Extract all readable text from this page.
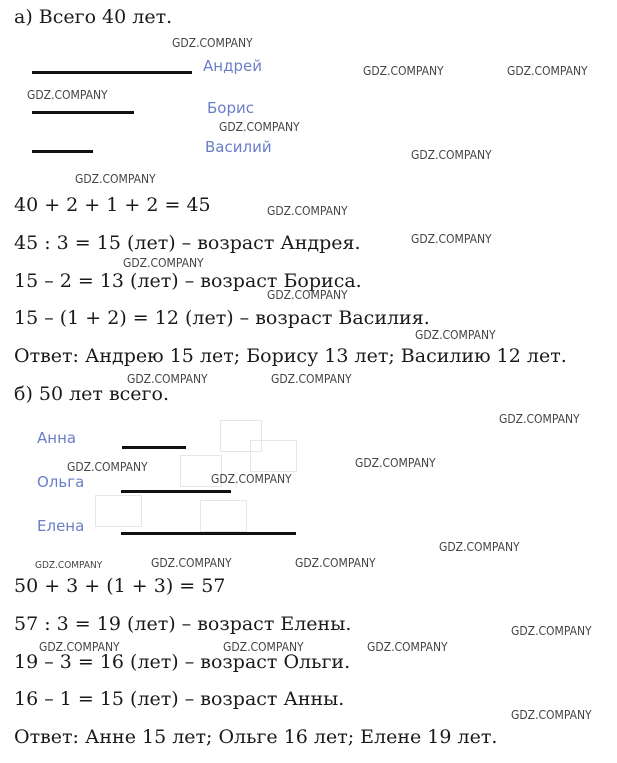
а) Всего 40 лет.
Андрей
Борис
Василий
40 + 2 + 1 + 2 = 45
45 : 3 = 15 (лет) – возраст Андрея.
15 – 2 = 13 (лет) – возраст Бориса.
15 – (1 + 2) = 12 (лет) – возраст Василия.
Ответ: Андрею 15 лет; Борису 13 лет; Василию 12 лет.
б) 50 лет всего.
Анна
Ольга
Елена
50 + 3 + (1 + 3) = 57
57 : 3 = 19 (лет) – возраст Елены.
19 – 3 = 16 (лет) – возраст Ольги.
16 – 1 = 15 (лет) – возраст Анны.
Ответ: Анне 15 лет; Ольге 16 лет; Елене 19 лет.
GDZ.COMPANY
GDZ.COMPANY	GDZ.COMPANY
GDZ.COMPANY
GDZ.COMPANY
GDZ.COMPANY
GDZ.COMPANY
GDZ.COMPANY
GDZ.COMPANY
GDZ.COMPANY
GDZ.COMPANY
GDZ.COMPANY
GDZ.COMPANY	GDZ.COMPANY
GDZ.COMPANY
GDZ.COMPANY
GDZ.COMPANY
GDZ.COMPANY
GDZ.COMPANY
GDZ.COMPANY	GDZ.COMPANY	GDZ.COMPANY
GDZ.COMPANY
GDZ.COMPANY	GDZ.COMPANY	GDZ.COMPANY
GDZ.COMPANY
